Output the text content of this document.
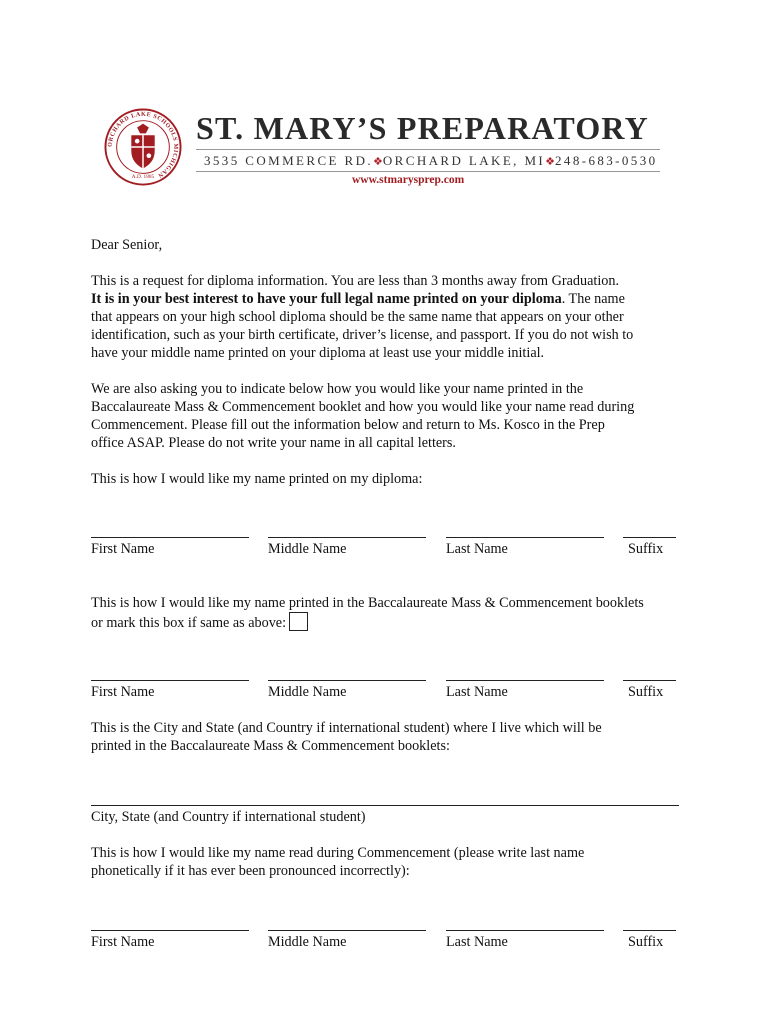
ORCHARD LAKE SCHOOLS MICHIGAN
A.D. 1885
ST. MARY’S PREPARATORY
3535 COMMERCE RD. ❖ ORCHARD LAKE, MI ❖ 248-683-0530
www.stmarysprep.com
Dear Senior,

This is a request for diploma information. You are less than 3 months away from Graduation.

It is in your best interest to have your full legal name printed on your diploma. The name

that appears on your high school diploma should be the same name that appears on your other

identification, such as your birth certificate, driver’s license, and passport. If you do not wish to

have your middle name printed on your diploma at least use your middle initial.

We are also asking you to indicate below how you would like your name printed in the

Baccalaureate Mass & Commencement booklet and how you would like your name read during

Commencement. Please fill out the information below and return to Ms. Kosco in the Prep

office ASAP. Please do not write your name in all capital letters.

This is how I would like my name printed on my diploma:
First Name	Middle Name	Last Name	Suffix

This is how I would like my name printed in the Baccalaureate Mass & Commencement booklets

or mark this box if same as above:

First Name	Middle Name	Last Name	Suffix

This is the City and State (and Country if international student) where I live which will be

printed in the Baccalaureate Mass & Commencement booklets:

City, State (and Country if international student)

This is how I would like my name read during Commencement (please write last name

phonetically if it has ever been pronounced incorrectly):

First Name	Middle Name	Last Name	Suffix
